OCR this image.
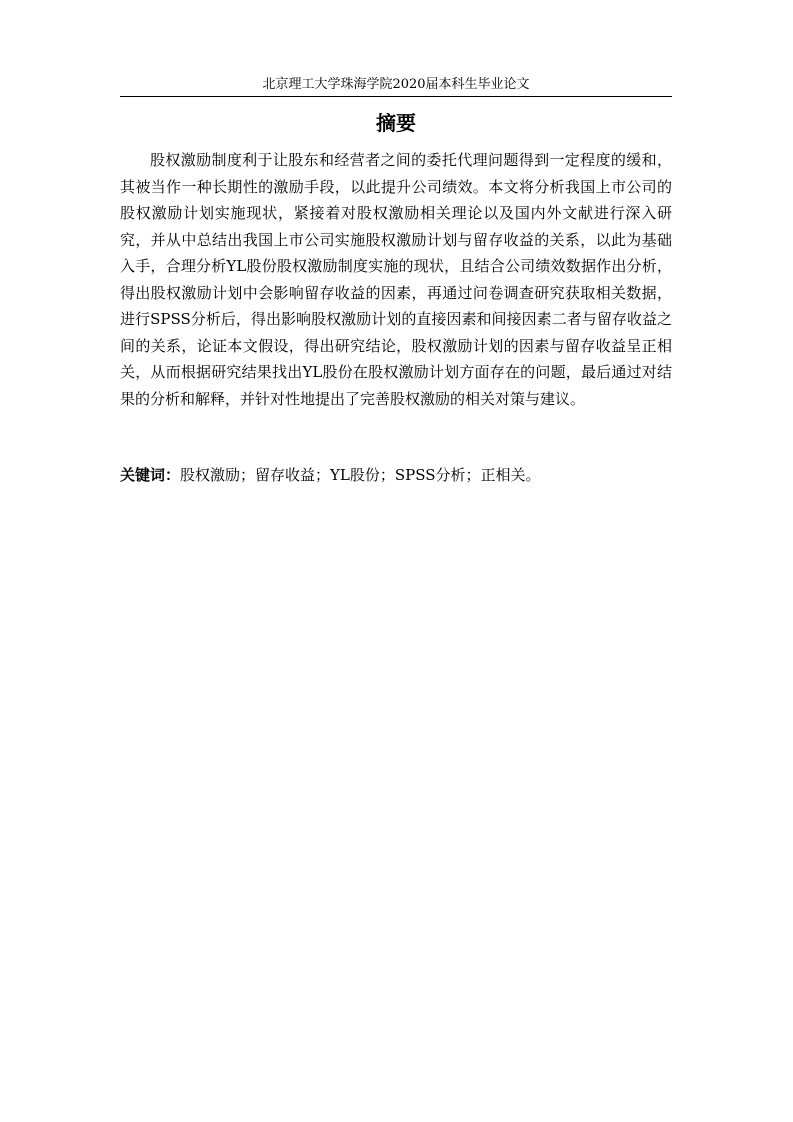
北京理工大学珠海学院2020届本科生毕业论文
摘要

股权激励制度利于让股东和经营者之间的委托代理问题得到一定程度的缓和，其被当作一种长期性的激励手段，以此提升公司绩效。本文将分析我国上市公司的股权激励计划实施现状，紧接着对股权激励相关理论以及国内外文献进行深入研究，并从中总结出我国上市公司实施股权激励计划与留存收益的关系，以此为基础入手，合理分析YL股份股权激励制度实施的现状，且结合公司绩效数据作出分析，得出股权激励计划中会影响留存收益的因素，再通过问卷调查研究获取相关数据，进行SPSS分析后，得出影响股权激励计划的直接因素和间接因素二者与留存收益之间的关系，论证本文假设，得出研究结论，股权激励计划的因素与留存收益呈正相关，从而根据研究结果找出YL股份在股权激励计划方面存在的问题，最后通过对结果的分析和解释，并针对性地提出了完善股权激励的相关对策与建议。

关键词：股权激励；留存收益；YL股份；SPSS分析；正相关。
